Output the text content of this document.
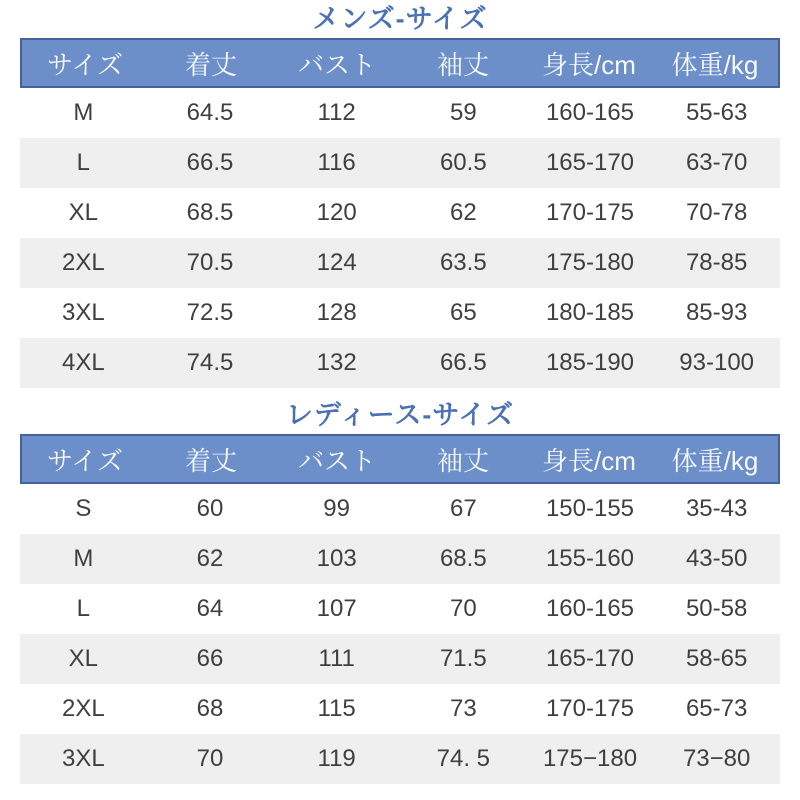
メンズ-サイズ
サイズ	着丈	バスト	袖丈	身長/cm	体重/kg
M	64.5	112	59	160-165	55-63
L	66.5	116	60.5	165-170	63-70
XL	68.5	120	62	170-175	70-78
2XL	70.5	124	63.5	175-180	78-85
3XL	72.5	128	65	180-185	85-93
4XL	74.5	132	66.5	185-190	93-100
レディース-サイズ
サイズ	着丈	バスト	袖丈	身長/cm	体重/kg
S	60	99	67	150-155	35-43
M	62	103	68.5	155-160	43-50
L	64	107	70	160-165	50-58
XL	66	111	71.5	165-170	58-65
2XL	68	115	73	170-175	65-73
3XL	70	119	74. 5	175−180	73−80
